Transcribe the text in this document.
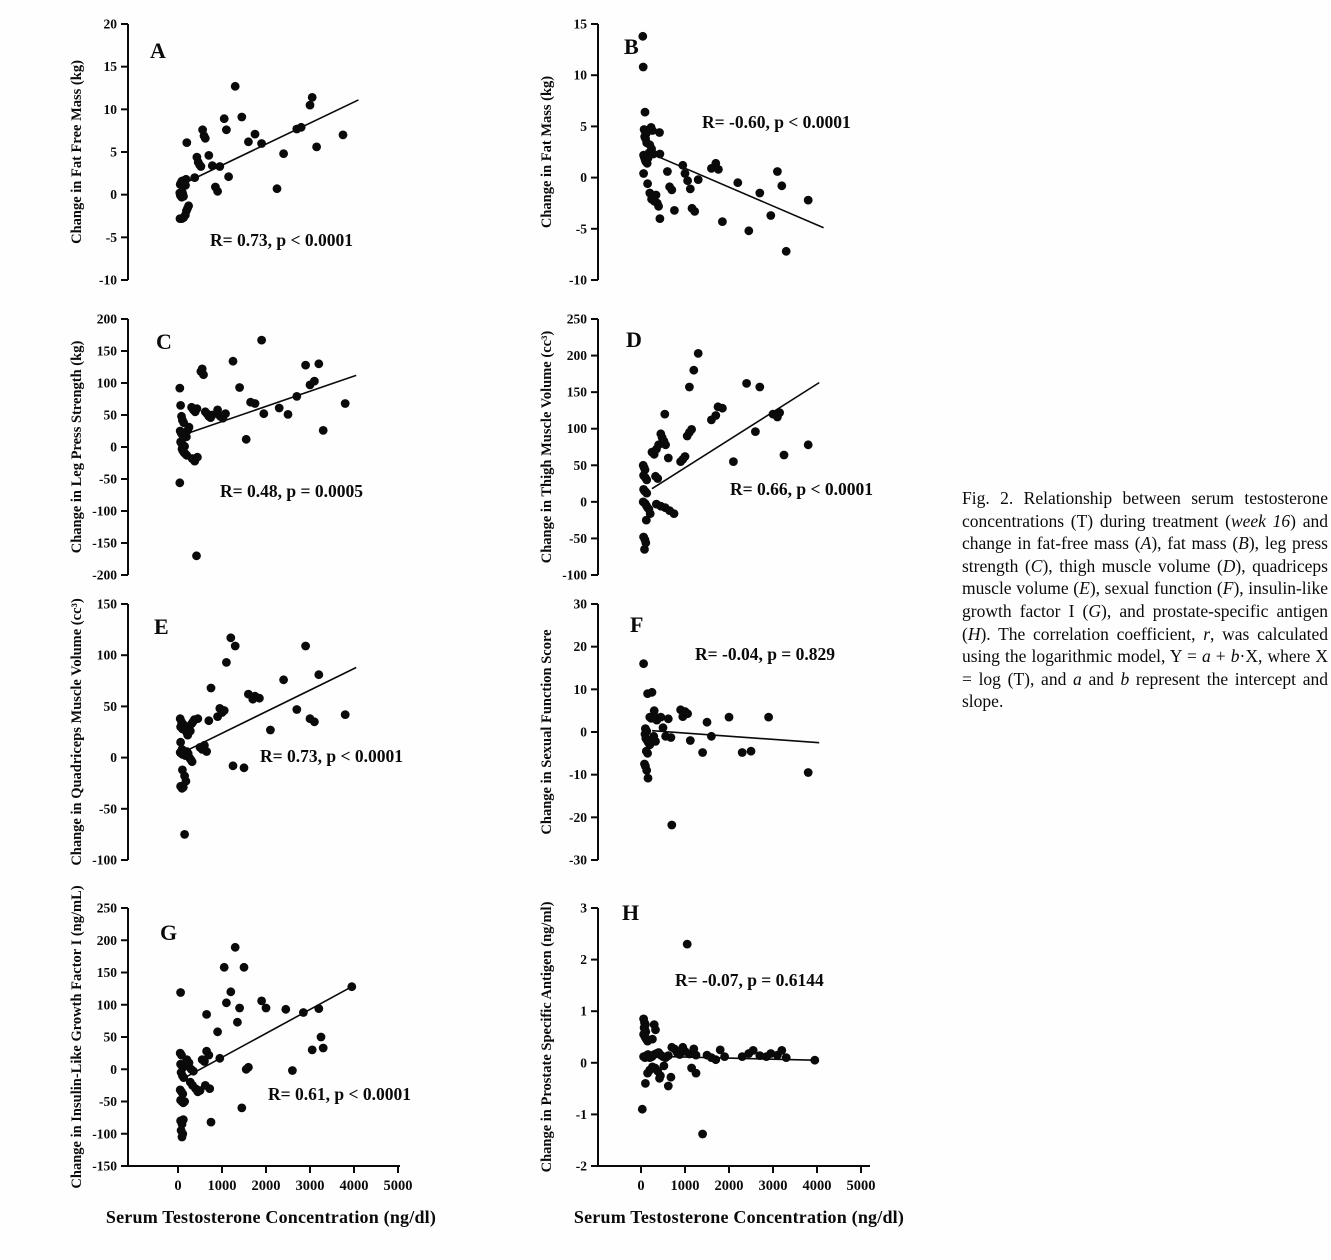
20
15
10
5
0
-5
-10
Change in Fat Free Mass (kg)
A
R= 0.73, p < 0.0001
15
10
5
0
-5
-10
Change in Fat Mass (kg)
B
R= -0.60, p < 0.0001
200
150
100
50
0
-50
-100
-150
-200
Change in Leg Press Strength (kg)	C
R= 0.48, p = 0.0005
250
200
150
100
50
0
-50
-100
Change in Thigh Muscle Volume (cc³)	D
R= 0.66, p < 0.0001
150
100
50
0
-50
-100
Change in Quadriceps Muscle Volume (cc³)	E
R= 0.73, p < 0.0001
30
20
10
0
-10
-20
-30
Change in Sexual Function Score
F
R= -0.04, p = 0.829
250
200
150
100
50
0
-50
-100
-150
0 1000 2000 3000 4000 5000
Change in Insulin-Like Growth Factor I (ng/mL)	G
R= 0.61, p < 0.0001
3
2
1
0
-1
-2
0 1000 2000 3000 4000 5000
Change in Prostate Specific Antigen (ng/ml)	H
R= -0.07, p = 0.6144
Serum Testosterone Concentration (ng/dl)	Serum Testosterone Concentration (ng/dl)
Fig. 2. Relationship between serum testosterone concentrations (T) during treatment (week 16) and change in fat-free mass (A), fat mass (B), leg press strength (C), thigh muscle volume (D), quadriceps muscle volume (E), sexual function (F), insulin-like growth factor I (G), and prostate-specific antigen (H). The correlation coefficient, r, was calculated using the logarithmic model, Y = a + b·X, where X = log (T), and a and b represent the intercept and slope.
